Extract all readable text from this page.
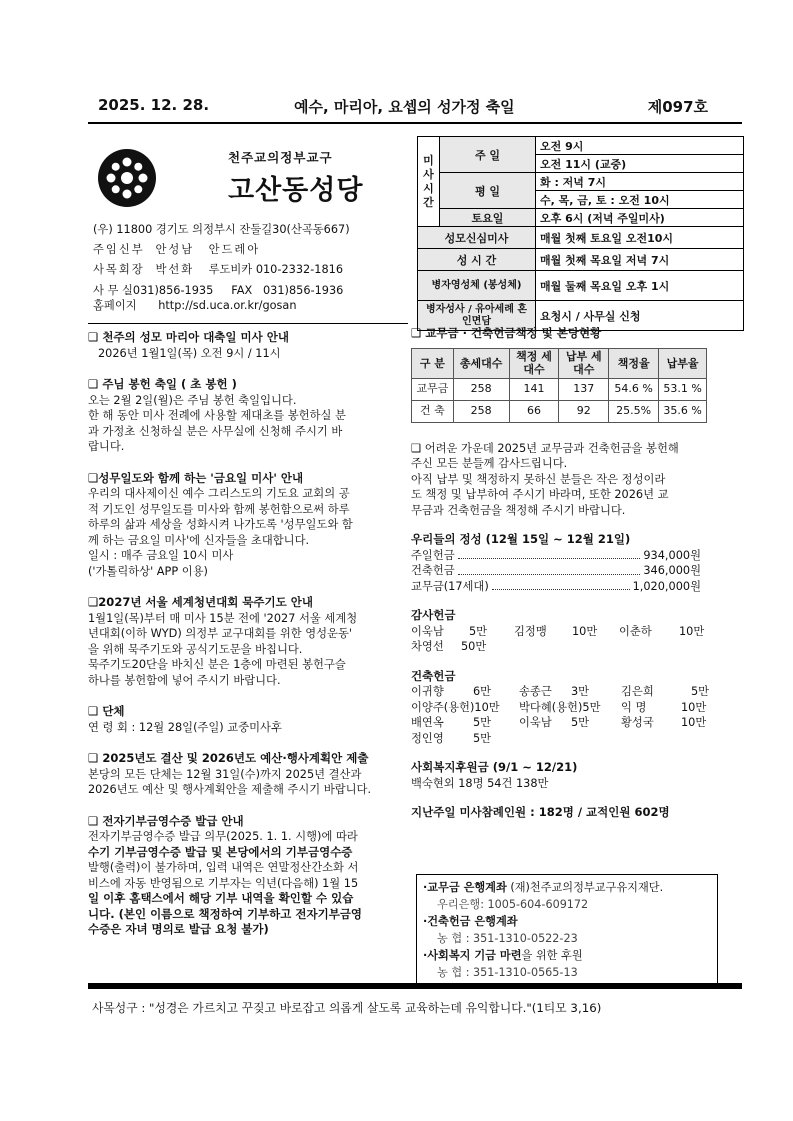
2025. 12. 28.	예수, 마리아, 요셉의 성가정 축일	제097호
천주교의정부교구
고산동성당
(우) 11800 경기도 의정부시 잔둘길30(산곡동667)
주임신부 안성남 안드레아
사목회장 박선화 루도비카 010-2332-1816
사 무 실031)856-1935 FAX 031)856-1936
홈페이지 http://sd.uca.or.kr/gosan
미사시간	주 일	오전 9시
		오전 11시 (교중)
	평 일	화 : 저녁 7시
		수, 목, 금, 토 : 오전 10시
	토요일	오후 6시 (저녁 주일미사)
성모신심미사		매월 첫째 토요일 오전10시
성 시 간		매월 첫째 목요일 저녁 7시
병자영성체 (봉성체)		매월 둘째 목요일 오후 1시
병자성사 / 유아세례 혼인면담		요청시 / 사무실 신청
❑ 천주의 성모 마리아 대축일 미사 안내
2026년 1월1일(목) 오전 9시 / 11시
❑ 주님 봉헌 축일 ( 초 봉헌 )
오는 2월 2일(월)은 주님 봉헌 축일입니다.
한 해 동안 미사 전례에 사용할 제대초를 봉헌하실 분
과 가정초 신청하실 분은 사무실에 신청해 주시기 바
랍니다.
❑성무일도와 함께 하는 '금요일 미사' 안내
우리의 대사제이신 예수 그리스도의 기도요 교회의 공
적 기도인 성무일도를 미사와 함께 봉헌함으로써 하루
하루의 삶과 세상을 성화시켜 나가도록 '성무일도와 함
께 하는 금요일 미사'에 신자들을 초대합니다.
일시 : 매주 금요일 10시 미사
('가톨릭하상' APP 이용)
❑2027년 서울 세계청년대회 묵주기도 안내
1월1일(목)부터 매 미사 15분 전에 '2027 서울 세계청
년대회(이하 WYD) 의정부 교구대회를 위한 영성운동'
을 위해 묵주기도와 공식기도문을 바칩니다.
묵주기도20단을 바치신 분은 1층에 마련된 봉헌구슬
하나를 봉헌함에 넣어 주시기 바랍니다.
❑ 단체
연 령 회 : 12월 28일(주일) 교중미사후
❑ 2025년도 결산 및 2026년도 예산·행사계획안 제출
본당의 모든 단체는 12월 31일(수)까지 2025년 결산과
2026년도 예산 및 행사계획안을 제출해 주시기 바랍니다.
❑ 전자기부금영수증 발급 안내
전자기부금영수증 발급 의무(2025. 1. 1. 시행)에 따라
수기 기부금영수증 발급 및 본당에서의 기부금영수증
발행(출력)이 불가하며, 입력 내역은 연말정산간소화 서
비스에 자동 반영됨으로 기부자는 익년(다음해) 1월 15
일 이후 홈택스에서 해당 기부 내역을 확인할 수 있습
니다. (본인 이름으로 책정하여 기부하고 전자기부금영
수증은 자녀 명의로 발급 요청 불가)
❑ 교무금 · 건축헌금책정 및 본당현황
구 분	총세대수	책정 세대수	납부 세대수	책정율	납부율
교무금	258	141	137	54.6 %	53.1 %
건 축	258	66	92	25.5%	35.6 %
❑ 어려운 가운데 2025년 교무금과 건축헌금을 봉헌해
주신 모든 분들께 감사드립니다.
아직 납부 및 책정하지 못하신 분들은 작은 정성이라
도 책정 및 납부하여 주시기 바라며, 또한 2026년 교
무금과 건축헌금을 책정해 주시기 바랍니다.
우리들의 정성 (12월 15일 ~ 12월 21일)
주일헌금	934,000원
건축헌금	346,000원
교무금(17세대)	1,020,000원
감사헌금
이욱남	5만	김정맹	10만	이춘하	10만
차영선	50만
건축헌금
이귀향	6만	송종근	3만	김은희	5만
이양주(용헌)10만	박다혜(용헌)5만	익 명	10만
배연옥	5만	이욱남	5만	황성국	10만
정인영	5만
사회복지후원금 (9/1 ~ 12/21)
백숙현외 18명 54건 138만
지난주일 미사참례인원 : 182명 / 교적인원 602명
·교무금 은행계좌 (재)천주교의정부교구유지재단.
우리은행: 1005-604-609172
·건축헌금 은행계좌
농 협 : 351-1310-0522-23
·사회복지 기금 마련을 위한 후원
농 협 : 351-1310-0565-13
사목성구 : "성경은 가르치고 꾸짖고 바로잡고 의롭게 살도록 교육하는데 유익합니다."(1티모 3,16)
